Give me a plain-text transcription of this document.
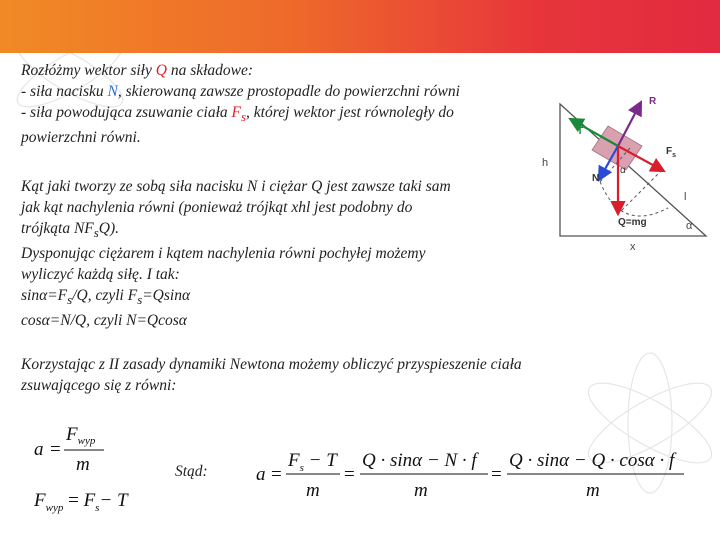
Rozłóżmy wektor siły Q na składowe:
- siła nacisku N, skierowaną zawsze prostopadle do powierzchni równi
- siła powodująca zsuwanie ciała $F_s$, której wektor jest równoległy do
powierzchni równi.
Kąt jaki tworzy ze sobą siła nacisku N i ciężar Q jest zawsze taki sam
jak kąt nachylenia równi (ponieważ trójkąt xhl jest podobny do
trójkąta $NF_sQ$).
Dysponując ciężarem i kątem nachylenia równi pochyłej możemy
wyliczyć każdą siłę. I tak:
$\sin\alpha=F_s/Q$, czyli $F_s=Qsin\alpha$
cosα=N/Q, czyli N=Qcosα
Korzystając z II zasady dynamiki Newtona możemy obliczyć przyspieszenie ciała
zsuwającego się z równi:
Stąd:
a =
$F_{wyp}$
m
$F_{wyp} = F_s- T$
a =
$F_s - T$
m
=
Q · sinα − N · f
m
=
Q · sinα − Q · cosα · f
m
R
T
$F_s$
N
α
h
l
α
x
Q=mg
